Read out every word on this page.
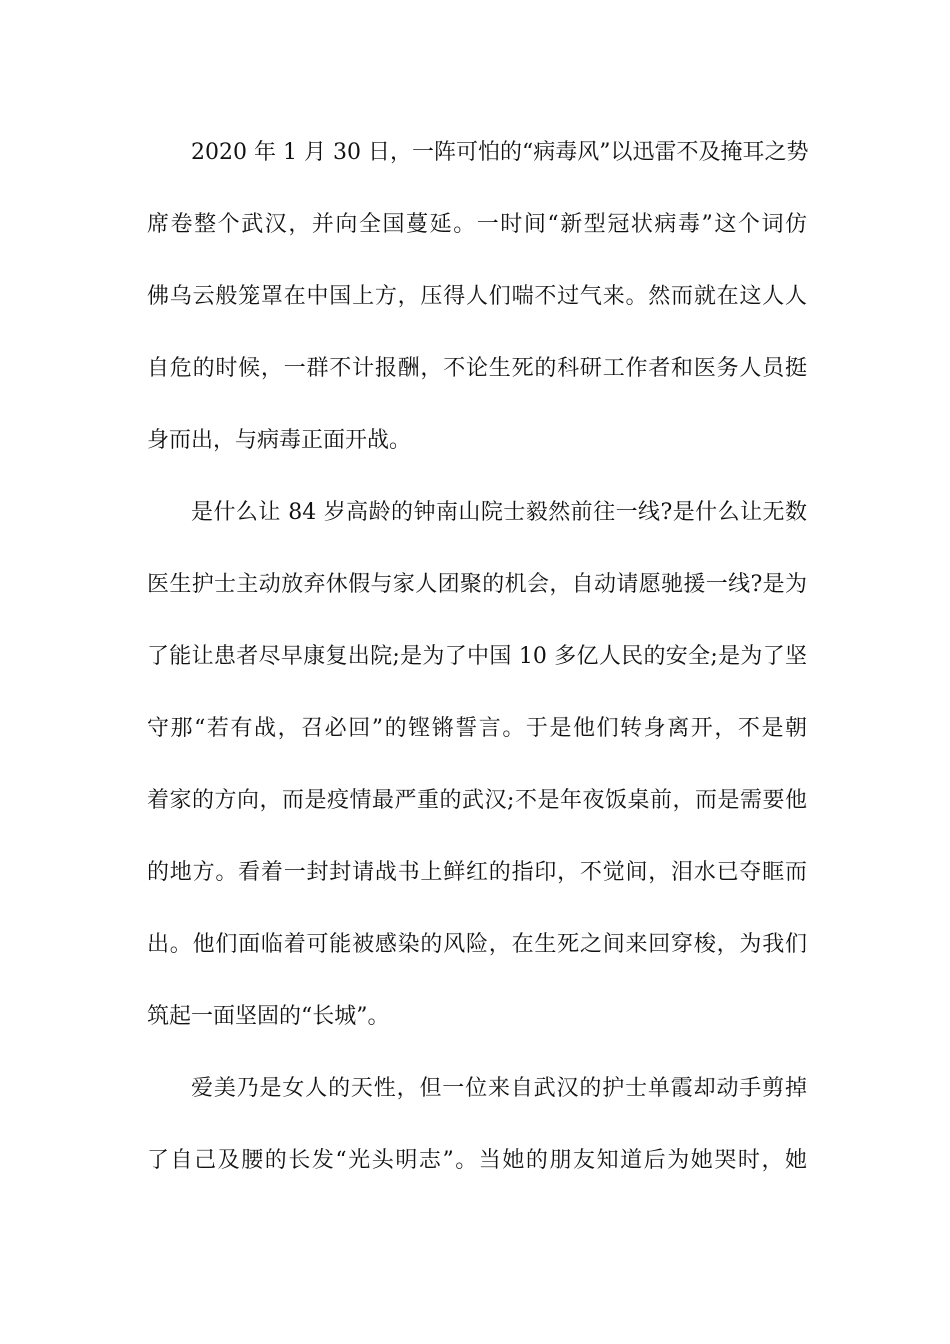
2020 年 1 月 30 日，一阵可怕的“病毒风”以迅雷不及掩耳之势
席卷整个武汉，并向全国蔓延。一时间“新型冠状病毒”这个词仿
佛乌云般笼罩在中国上方，压得人们喘不过气来。然而就在这人人
自危的时候，一群不计报酬，不论生死的科研工作者和医务人员挺
身而出，与病毒正面开战。
是什么让 84 岁高龄的钟南山院士毅然前往一线?是什么让无数
医生护士主动放弃休假与家人团聚的机会，自动请愿驰援一线?是为
了能让患者尽早康复出院;是为了中国 10 多亿人民的安全;是为了坚
守那“若有战，召必回”的铿锵誓言。于是他们转身离开，不是朝
着家的方向，而是疫情最严重的武汉;不是年夜饭桌前，而是需要他
的地方。看着一封封请战书上鲜红的指印，不觉间，泪水已夺眶而
出。他们面临着可能被感染的风险，在生死之间来回穿梭，为我们
筑起一面坚固的“长城”。
爱美乃是女人的天性，但一位来自武汉的护士单霞却动手剪掉
了自己及腰的长发“光头明志”。当她的朋友知道后为她哭时，她
